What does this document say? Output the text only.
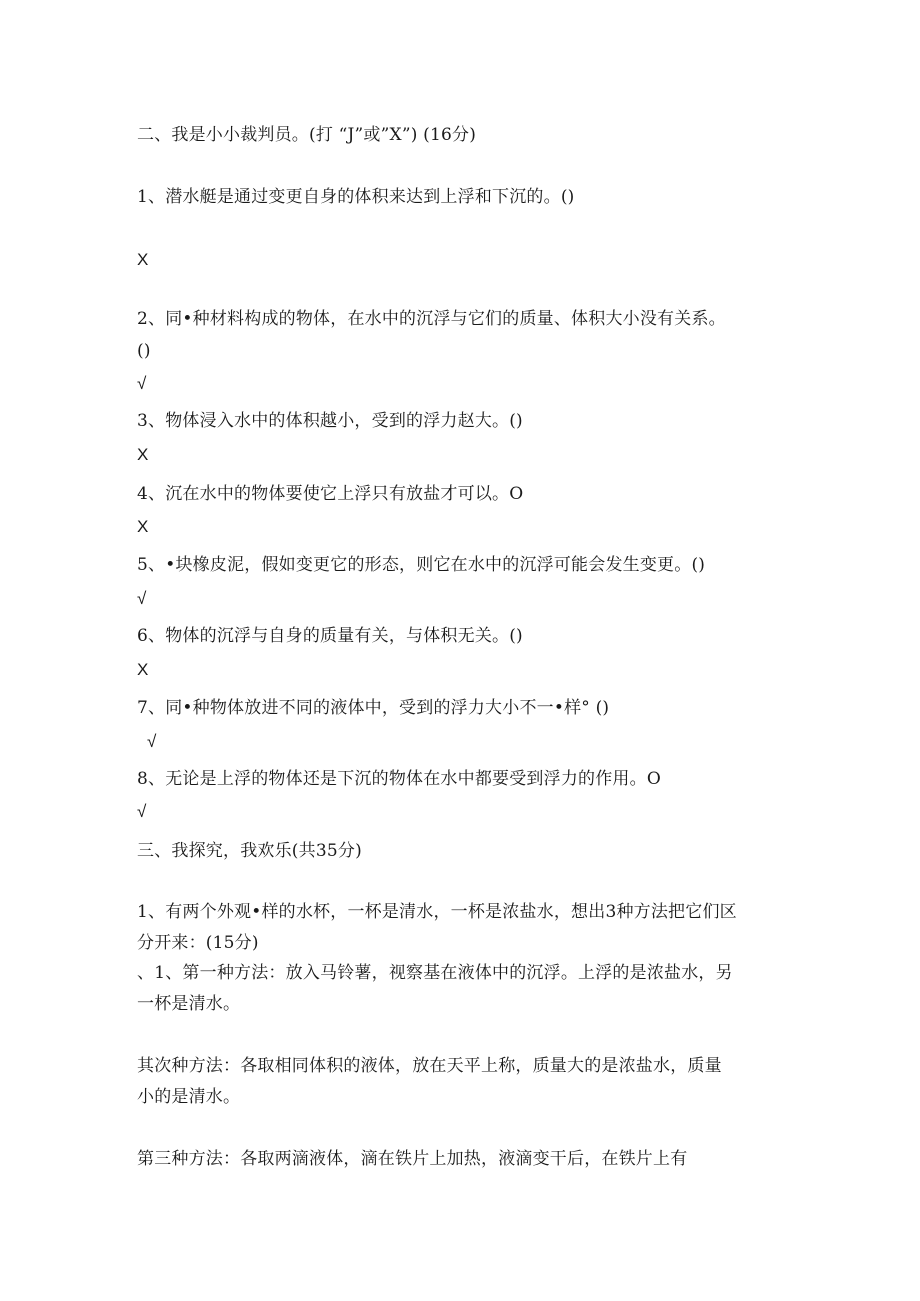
二、我是小小裁判员。(打 “J”或”X”) (16分)
1、潜水艇是通过变更自身的体积来达到上浮和下沉的。()
X
2、同•种材料构成的物体，在水中的沉浮与它们的质量、体积大小没有关系。
()
√
3、物体浸入水中的体积越小，受到的浮力赵大。()
X
4、沉在水中的物体要使它上浮只有放盐才可以。O
X
5、•块橡皮泥，假如变更它的形态，则它在水中的沉浮可能会发生变更。()
√
6、物体的沉浮与自身的质量有关，与体积无关。()
X
7、同•种物体放进不同的液体中，受到的浮力大小不一•样° ()
√
8、无论是上浮的物体还是下沉的物体在水中都要受到浮力的作用。O
√
三、我探究，我欢乐(共35分)
1、有两个外观•样的水杯，一杯是清水，一杯是浓盐水，想出3种方法把它们区
分开来：(15分)
、1、第一种方法：放入马铃薯，视察基在液体中的沉浮。上浮的是浓盐水，另
一杯是清水。
其次种方法：各取相同体积的液体，放在天平上称，质量大的是浓盐水，质量
小的是清水。
第三种方法：各取两滴液体，滴在铁片上加热，液滴变干后，在铁片上有
